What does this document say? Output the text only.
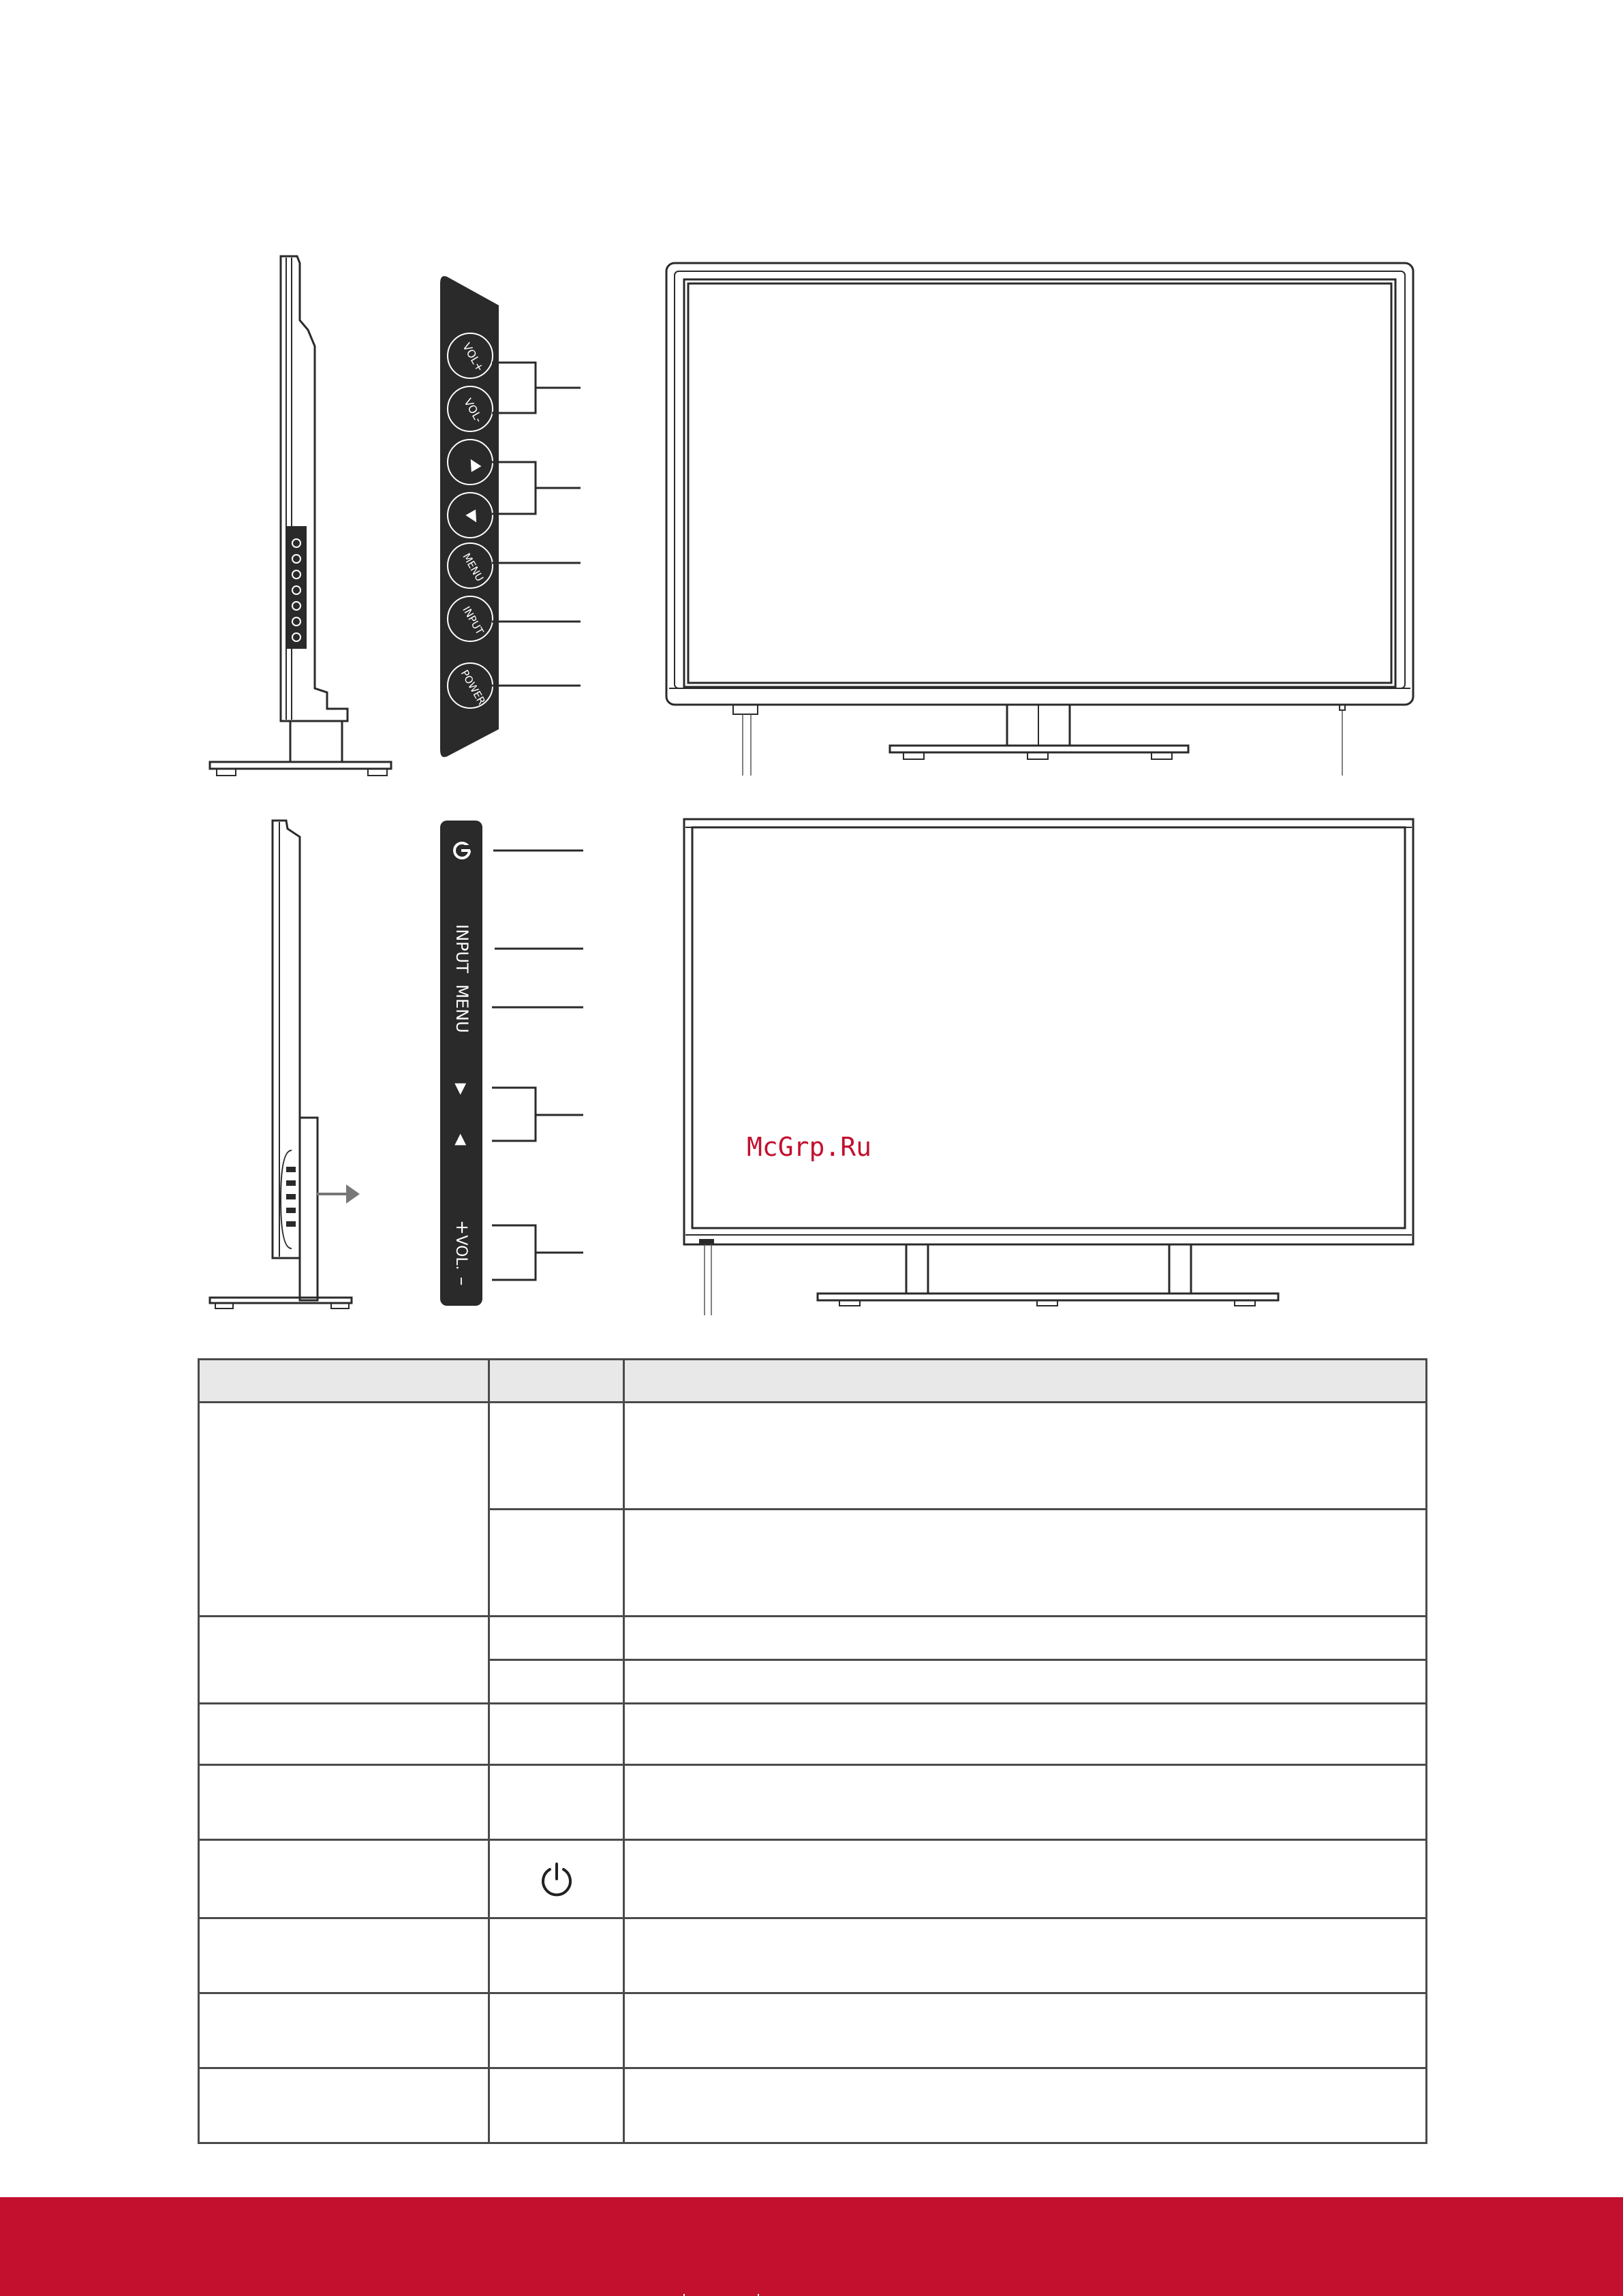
VOL+
VOL-
◀
▶
MENU
INPUT
POWER
INPUT
MENU
▶
◀
+
VOL.
–
McGrp.Ru
